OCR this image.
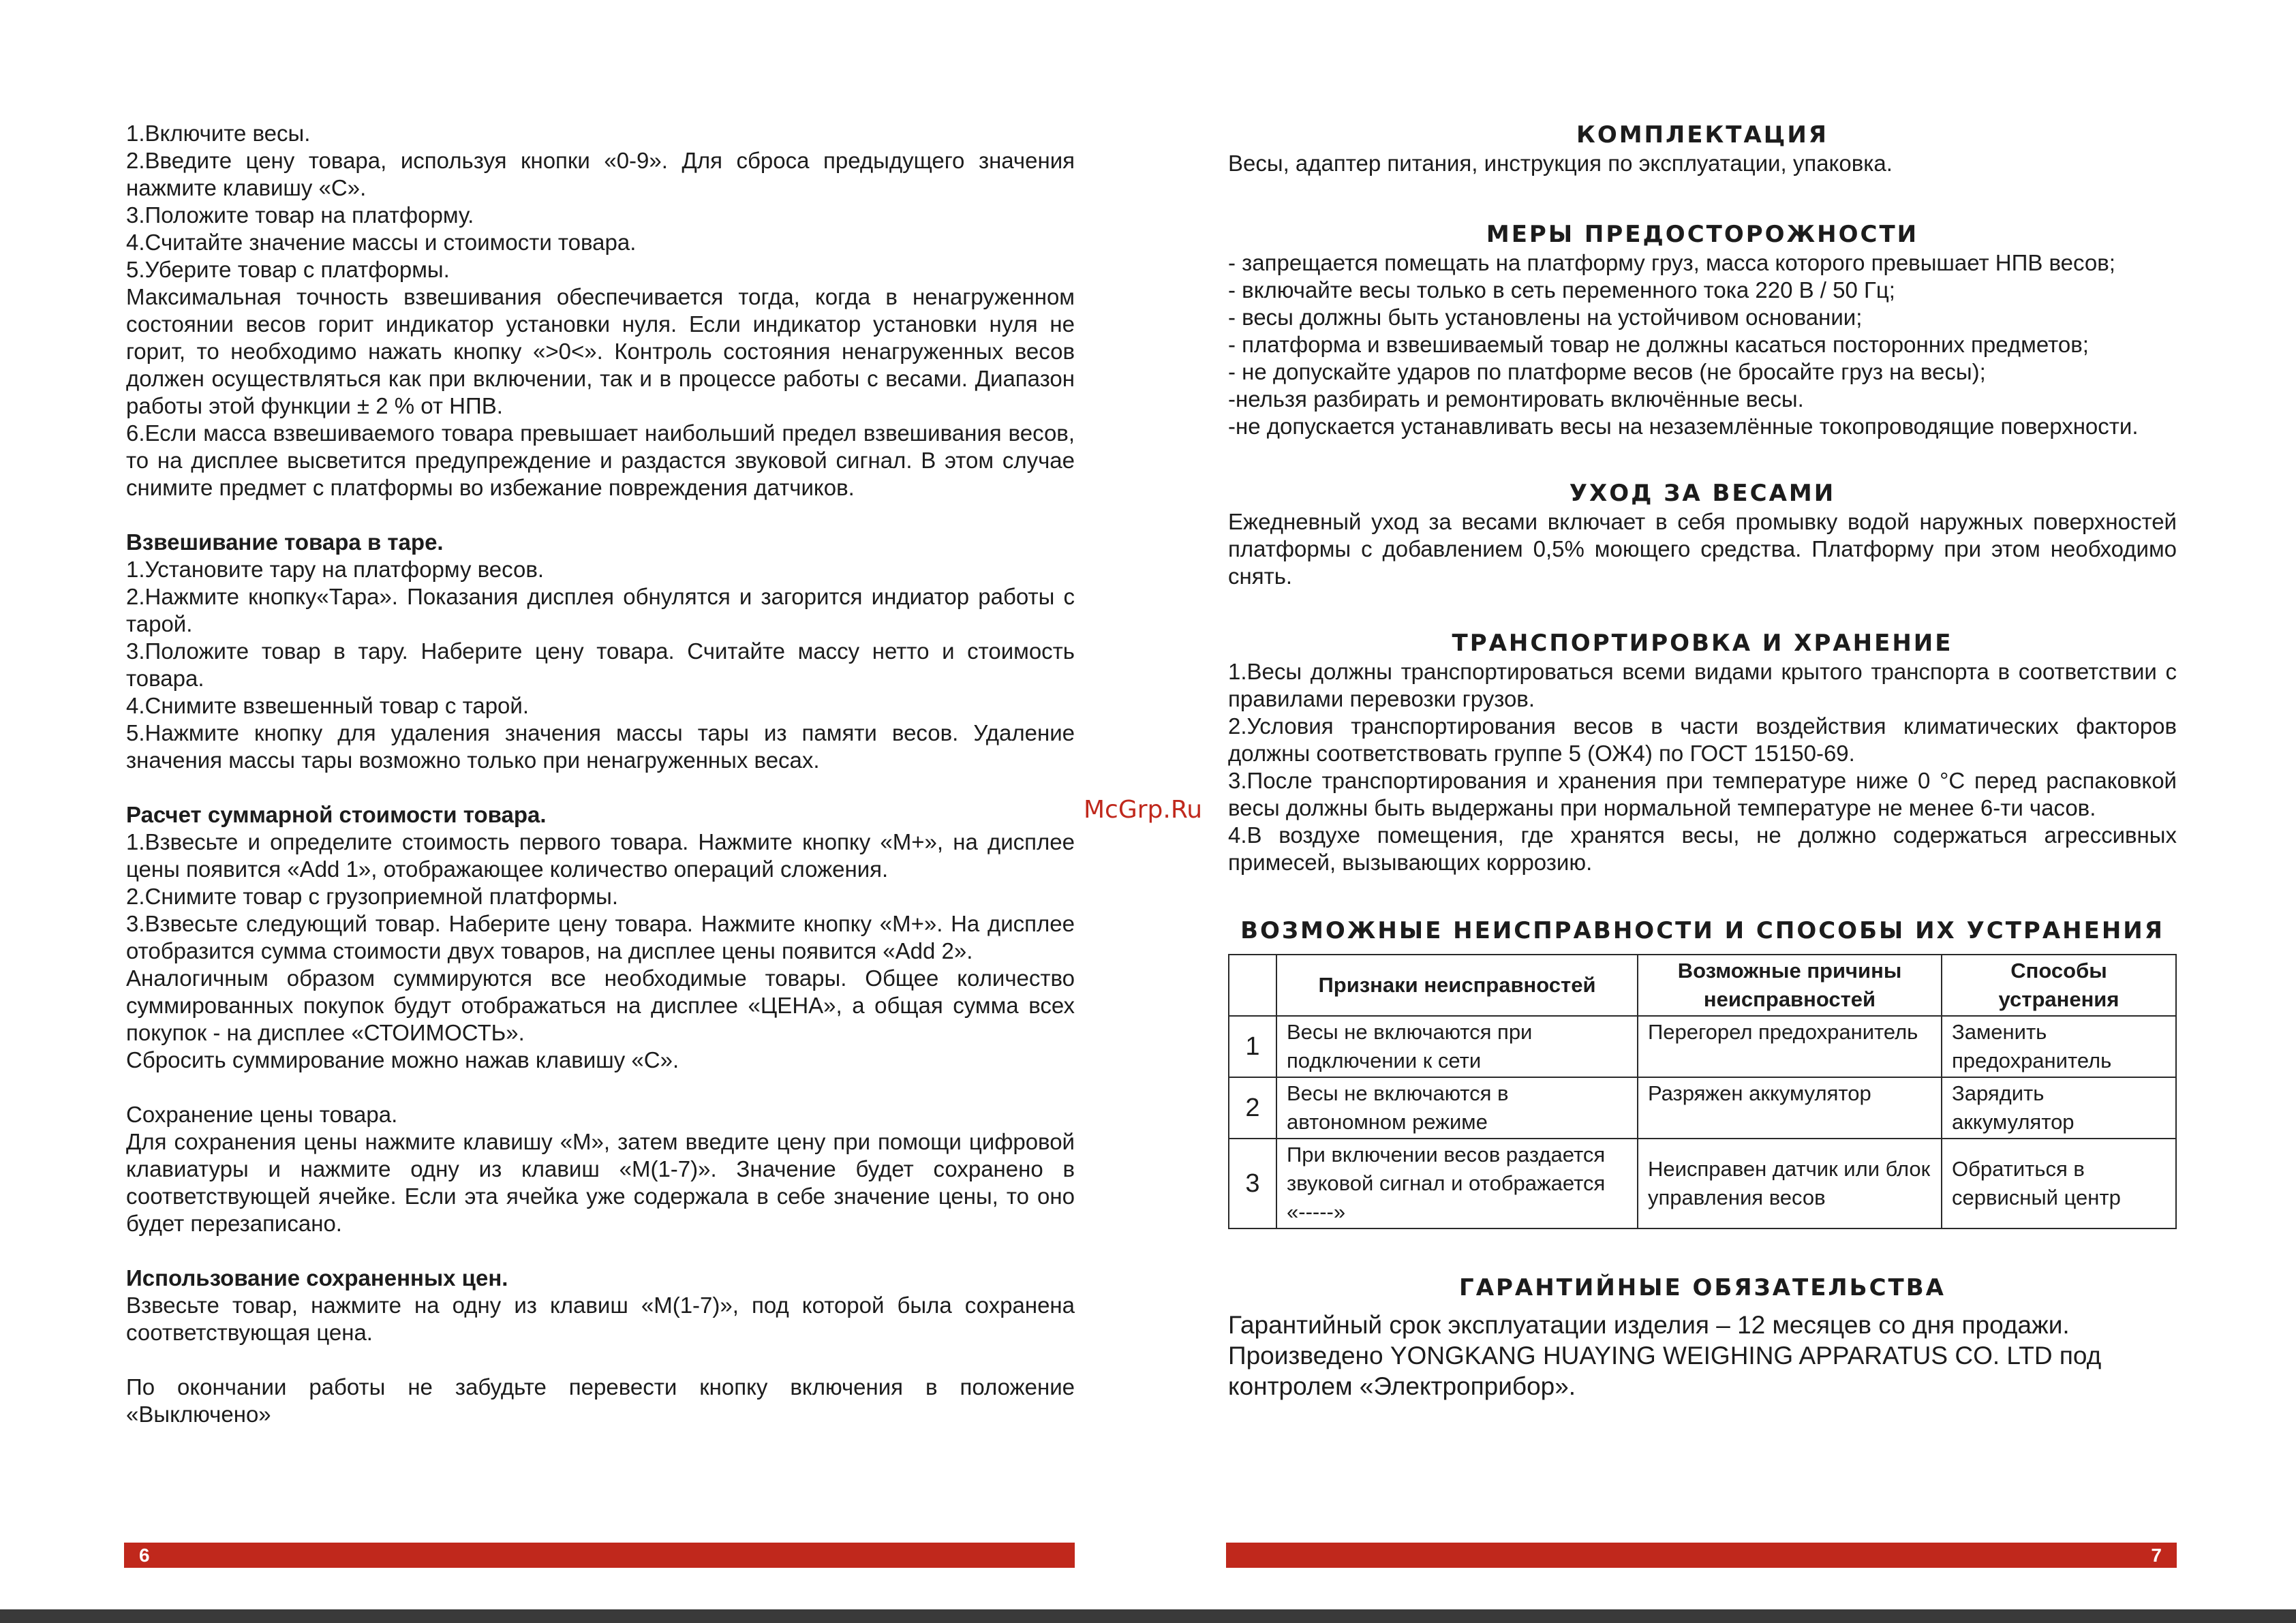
1.Включите весы.

2.Введите цену товара, используя кнопки «0-9». Для сброса предыдущего значения нажмите клавишу «С».

3.Положите товар на платформу.

4.Считайте значение массы и стоимости товара.

5.Уберите товар с платформы.

Максимальная точность взвешивания обеспечивается тогда, когда в ненагруженном состоянии весов горит индикатор установки нуля. Если индикатор установки нуля не горит, то необходимо нажать кнопку «>0<». Контроль состояния ненагруженных весов должен осуществляться как при включении, так и в процессе работы с весами. Диапазон работы этой функции ± 2 % от НПВ.

6.Если масса взвешиваемого товара превышает наибольший предел взвешивания весов, то на дисплее высветится предупреждение и раздастся звуковой сигнал. В этом случае снимите предмет с платформы во избежание повреждения датчиков.

Взвешивание товара в таре.

1.Установите тару на платформу весов.

2.Нажмите кнопку«Тара». Показания дисплея обнулятся и загорится индиатор работы с тарой.

3.Положите товар в тару. Наберите цену товара. Считайте массу нетто и стоимость товара.

4.Снимите взвешенный товар с тарой.

5.Нажмите кнопку для удаления значения массы тары из памяти весов. Удаление значения массы тары возможно только при ненагруженных весах.

Расчет суммарной стоимости товара.

1.Взвесьте и определите стоимость первого товара. Нажмите кнопку «М+», на дисплее цены появится «Add 1», отображающее количество операций сложения.

2.Снимите товар с грузоприемной платформы.

3.Взвесьте следующий товар. Наберите цену товара. Нажмите кнопку «М+». На дисплее отобразится сумма стоимости двух товаров, на дисплее цены появится «Add 2».

Аналогичным образом суммируются все необходимые товары. Общее количество суммированных покупок будут отображаться на дисплее «ЦЕНА», а общая сумма всех покупок - на дисплее «СТОИМОСТЬ».

Сбросить суммирование можно нажав клавишу «С».

Сохранение цены товара.

Для сохранения цены нажмите клавишу «М», затем введите цену при помощи цифровой клавиатуры и нажмите одну из клавиш «М(1-7)». Значение будет сохранено в соответствующей ячейке. Если эта ячейка уже содержала в себе значение цены, то оно будет перезаписано.

Использование сохраненных цен.

Взвесьте товар, нажмите на одну из клавиш «М(1-7)», под которой была сохранена соответствующая цена.

По окончании работы не забудьте перевести кнопку включения в положение «Выключено»

КОМПЛЕКТАЦИЯ

Весы, адаптер питания, инструкция по эксплуатации, упаковка.

МЕРЫ ПРЕДОСТОРОЖНОСТИ

- запрещается помещать на платформу груз, масса которого превышает НПВ весов;

- включайте весы только в сеть переменного тока 220 В / 50 Гц;

- весы должны быть установлены на устойчивом основании;

- платформа и взвешиваемый товар не должны касаться посторонних предметов;

- не допускайте ударов по платформе весов (не бросайте груз на весы);

-нельзя разбирать и ремонтировать включённые весы.

-не допускается устанавливать весы на незаземлённые токопроводящие поверхности.

УХОД ЗА ВЕСАМИ

Ежедневный уход за весами включает в себя промывку водой наружных поверхностей платформы с добавлением 0,5% моющего средства. Платформу при этом необходимо снять.

ТРАНСПОРТИРОВКА И ХРАНЕНИЕ

1.Весы должны транспортироваться всеми видами крытого транспорта в соответствии с правилами перевозки грузов.

2.Условия транспортирования весов в части воздействия климатических факторов должны соответствовать группе 5 (ОЖ4) по ГОСТ 15150-69.

3.После транспортирования и хранения при температуре ниже 0 °С перед распаковкой весы должны быть выдержаны при нормальной температуре не менее 6-ти часов.

4.В воздухе помещения, где хранятся весы, не должно содержаться агрессивных примесей, вызывающих коррозию.

ВОЗМОЖНЫЕ НЕИСПРАВНОСТИ И СПОСОБЫ ИХ УСТРАНЕНИЯ

	Признаки неисправностей	Возможные причины неисправностей	Способы устранения
1	Весы не включаются при подключении к сети	Перегорел предохранитель	Заменить предохранитель
2	Весы не включаются в автономном режиме	Разряжен аккумулятор	Зарядить аккумулятор
3	При включении весов раздается звуковой сигнал и отображается «-----»	Неисправен датчик или блок управления весов	Обратиться в сервисный центр

ГАРАНТИЙНЫЕ ОБЯЗАТЕЛЬСТВА

Гарантийный срок эксплуатации изделия – 12 месяцев со дня продажи. Произведено YONGKANG HUAYING WEIGHING APPARATUS CO. LTD под контролем «Электроприбор».

McGrp.Ru
6	7
